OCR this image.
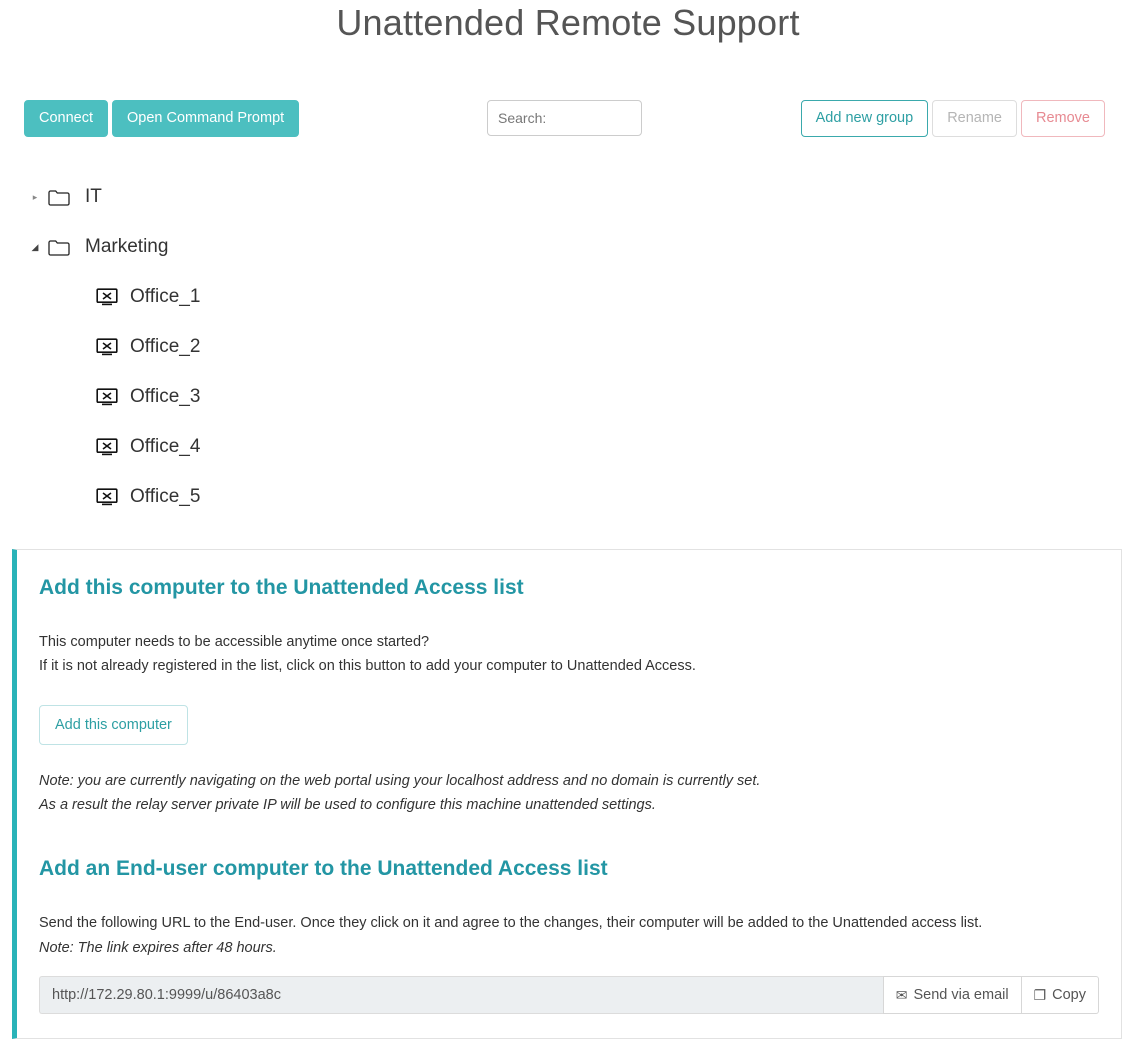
Unattended Remote Support
Connect	Open Command Prompt
Search:	Add new group	Rename	Remove
▸	IT
◢	Marketing
Office_1
Office_2
Office_3
Office_4
Office_5
Add this computer to the Unattended Access list

This computer needs to be accessible anytime once started?

If it is not already registered in the list, click on this button to add your computer to Unattended Access.

Add this computer

Note: you are currently navigating on the web portal using your localhost address and no domain is currently set.

As a result the relay server private IP will be used to configure this machine unattended settings.

Add an End-user computer to the Unattended Access list

Send the following URL to the End-user. Once they click on it and agree to the changes, their computer will be added to the Unattended access list.

Note: The link expires after 48 hours.

http://172.29.80.1:9999/u/86403a8c	✉ Send via email ❐ Copy
